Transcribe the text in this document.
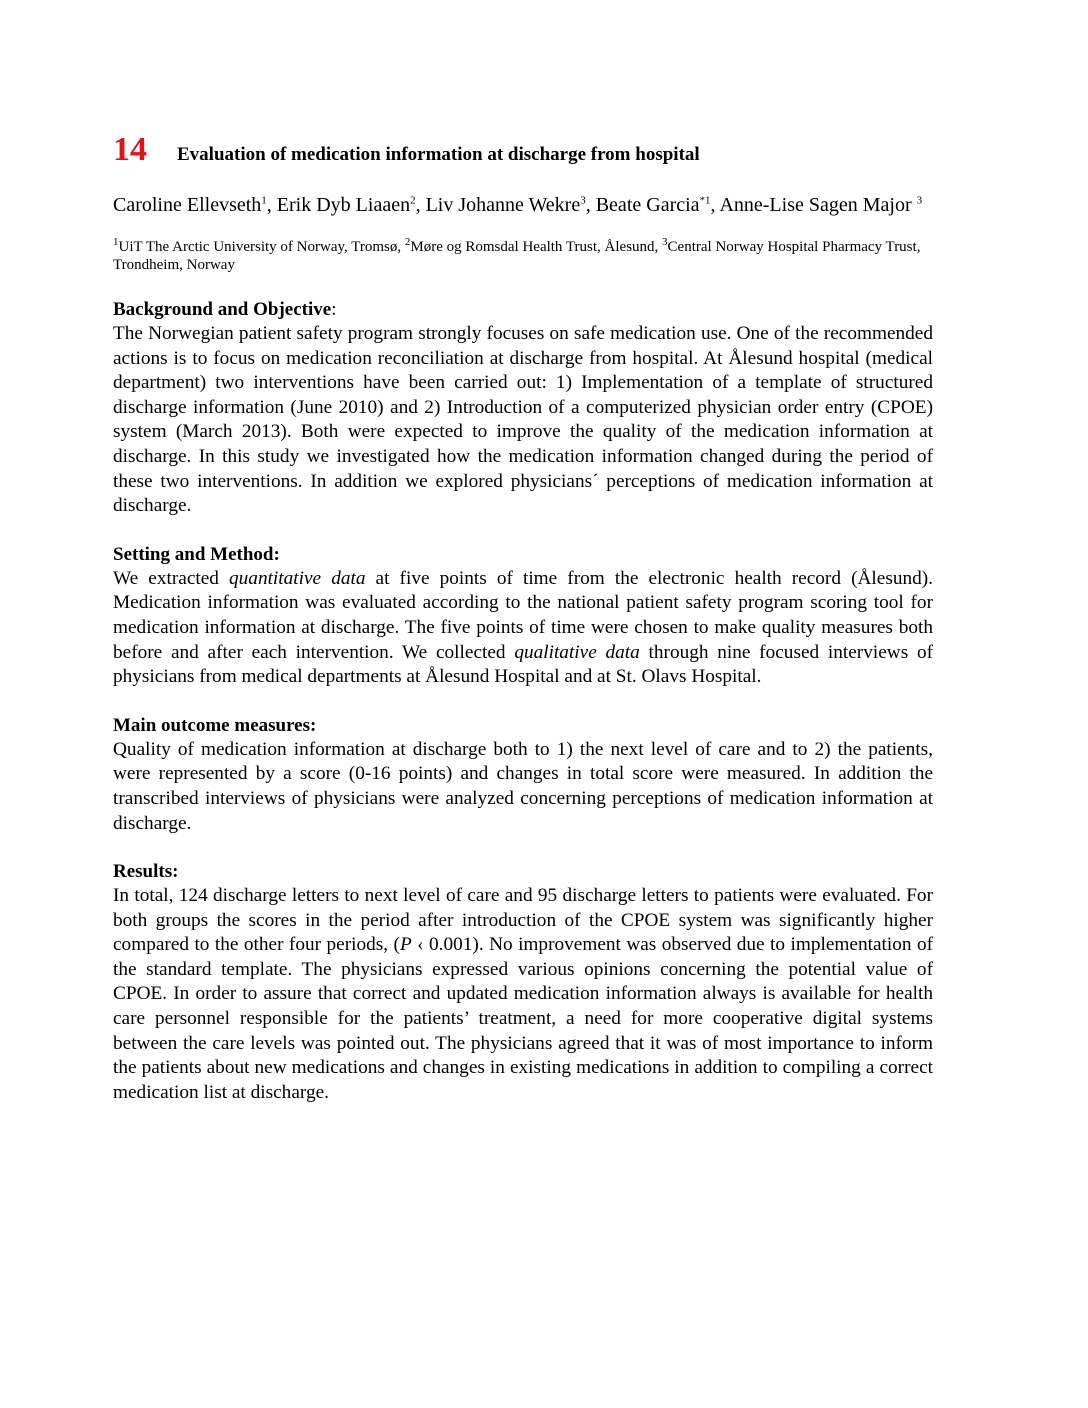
14	Evaluation of medication information at discharge from hospital
Caroline Ellevseth$^1$, Erik Dyb Liaaen$^2$, Liv Johanne Wekre$^3$, Beate Garcia$^{*1}$, Anne-Lise Sagen Major $^3$
$^1$UiT The Arctic University of Norway, Tromsø, $^2$Møre og Romsdal Health Trust, Ålesund, $^3$Central Norway Hospital Pharmacy Trust, Trondheim, Norway
Background and Objective:
The Norwegian patient safety program strongly focuses on safe medication use. One of the recommended actions is to focus on medication reconciliation at discharge from hospital. At Ålesund hospital (medical department) two interventions have been carried out: 1) Implementation of a template of structured discharge information (June 2010) and 2) Introduction of a computerized physician order entry (CPOE) system (March 2013). Both were expected to improve the quality of the medication information at discharge. In this study we investigated how the medication information changed during the period of these two interventions. In addition we explored physicians´ perceptions of medication information at discharge.
Setting and Method:
We extracted quantitative data at five points of time from the electronic health record (Ålesund). Medication information was evaluated according to the national patient safety program scoring tool for medication information at discharge. The five points of time were chosen to make quality measures both before and after each intervention. We collected qualitative data through nine focused interviews of physicians from medical departments at Ålesund Hospital and at St. Olavs Hospital.
Main outcome measures:
Quality of medication information at discharge both to 1) the next level of care and to 2) the patients, were represented by a score (0-16 points) and changes in total score were measured. In addition the transcribed interviews of physicians were analyzed concerning perceptions of medication information at discharge.
Results:
In total, 124 discharge letters to next level of care and 95 discharge letters to patients were evaluated. For both groups the scores in the period after introduction of the CPOE system was significantly higher compared to the other four periods, (P ‹ 0.001). No improvement was observed due to implementation of the standard template. The physicians expressed various opinions concerning the potential value of CPOE. In order to assure that correct and updated medication information always is available for health care personnel responsible for the patients’ treatment, a need for more cooperative digital systems between the care levels was pointed out. The physicians agreed that it was of most importance to inform the patients about new medications and changes in existing medications in addition to compiling a correct medication list at discharge.
